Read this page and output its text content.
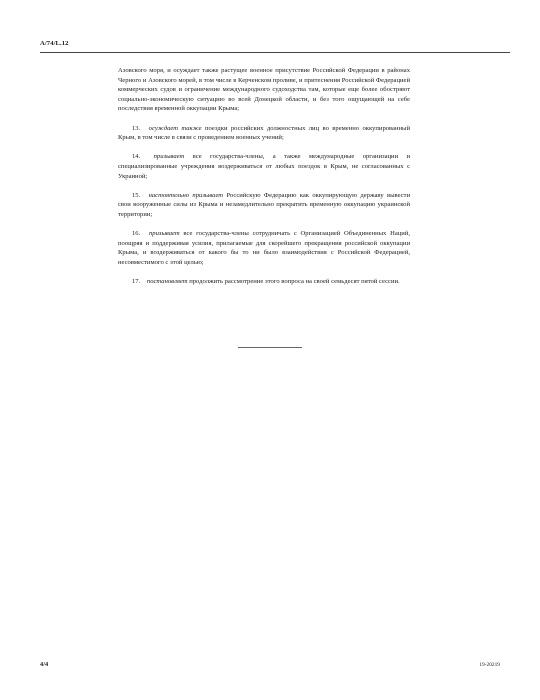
A/74/L.12

Азовского моря, и осуждает также растущее военное присутствие Российской Федерации в районах Черного и Азовского морей, в том числе в Керченском проливе, и притеснения Российской Федерацией коммерческих судов и ограничение международного судоходства там, которые еще более обостряют социально-экономическую ситуацию во всей Донецкой области, и без того ощущающей на себе последствия временной оккупации Крыма;

13. осуждает также поездки российских должностных лиц во временно оккупированный Крым, в том числе в связи с проведением военных учений;

14. призывает все государства-члены, а также международные организации и специализированные учреждения воздерживаться от любых поездок в Крым, не согласованных с Украиной;

15. настоятельно призывает Российскую Федерацию как оккупирующую державу вывести свои вооруженные силы из Крыма и незамедлительно прекратить временную оккупацию украинской территории;

16. призывает все государства-члены сотрудничать с Организацией Объединенных Наций, поощряя и поддерживая усилия, прилагаемые для скорейшего прекращения российской оккупации Крыма, и воздерживаться от какого бы то ни было взаимодействия с Российской Федерацией, несовместимого с этой целью;

17. постановляет продолжить рассмотрение этого вопроса на своей семьдесят пятой сессии.

4/4	19-20219
